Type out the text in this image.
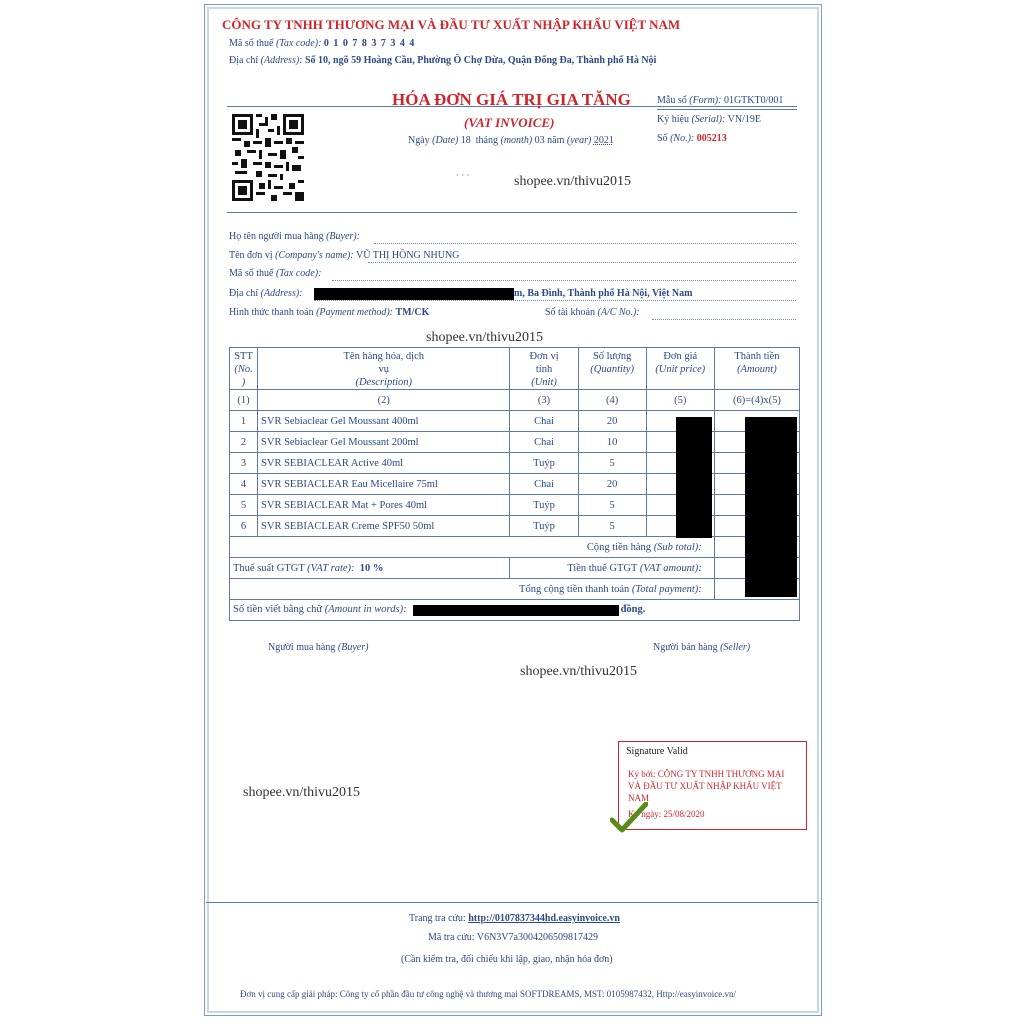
CÔNG TY TNHH THƯƠNG MẠI VÀ ĐẦU TƯ XUẤT NHẬP KHẨU VIỆT NAM
Mã số thuế (Tax code): 0 1 0 7 8 3 7 3 4 4
Địa chỉ (Address): Số 10, ngõ 59 Hoàng Cầu, Phường Ô Chợ Dừa, Quận Đống Đa, Thành phố Hà Nội
HÓA ĐƠN GIÁ TRỊ GIA TĂNG
(VAT INVOICE)
Ngày (Date) 18 tháng (month) 03 năm (year) 2021
Mẫu số (Form): 01GTKT0/001
Ký hiệu (Serial): VN/19E
Số (No.): 005213
· · ·	shopee.vn/thivu2015
Họ tên người mua hàng (Buyer):
Tên đơn vị (Company's name): VŨ THỊ HỒNG NHUNG
Mã số thuế (Tax code):
Địa chỉ (Address):	m, Ba Đình, Thành phố Hà Nội, Việt Nam
Hình thức thanh toán (Payment method): TM/CK	Số tài khoản (A/C No.):
shopee.vn/thivu2015
STT
(No.
)	Tên hàng hóa, dịch
vụ
(Description)	Đơn vị
tính
(Unit)	Số lượng
(Quantity)	Đơn giá
(Unit price)	Thành tiền
(Amount)
(1)	(2)	(3)	(4)	(5)	(6)=(4)x(5)
1	SVR Sebiaclear Gel Moussant 400ml	Chai	20		
2	SVR Sebiaclear Gel Moussant 200ml	Chai	10		
3	SVR SEBIACLEAR Active 40ml	Tuýp	5		
4	SVR SEBIACLEAR Eau Micellaire 75ml	Chai	20		
5	SVR SEBIACLEAR Mat + Pores 40ml	Tuýp	5		
6	SVR SEBIACLEAR Creme SPF50 50ml	Tuýp	5		
Cộng tiền hàng (Sub total):					
Thuế suất GTGT (VAT rate): 10 %		Tiền thuế GTGT (VAT amount):			
Tổng cộng tiền thanh toán (Total payment):					
Số tiền viết bằng chữ (Amount in words): đồng.					
Người mua hàng (Buyer)	Người bán hàng (Seller)
shopee.vn/thivu2015
shopee.vn/thivu2015
Signature Valid
Ký bởi: CÔNG TY TNHH THƯƠNG MẠI VÀ ĐẦU TƯ XUẤT NHẬP KHẨU VIỆT NAM
Ký ngày: 25/08/2020
Trang tra cứu: http://0107837344hd.easyinvoice.vn
Mã tra cứu: V6N3V7a3004206509817429
(Cần kiểm tra, đối chiếu khi lập, giao, nhận hóa đơn)
Đơn vị cung cấp giải pháp: Công ty cổ phần đầu tư công nghệ và thương mại SOFTDREAMS, MST: 0105987432, Http://easyinvoice.vn/
